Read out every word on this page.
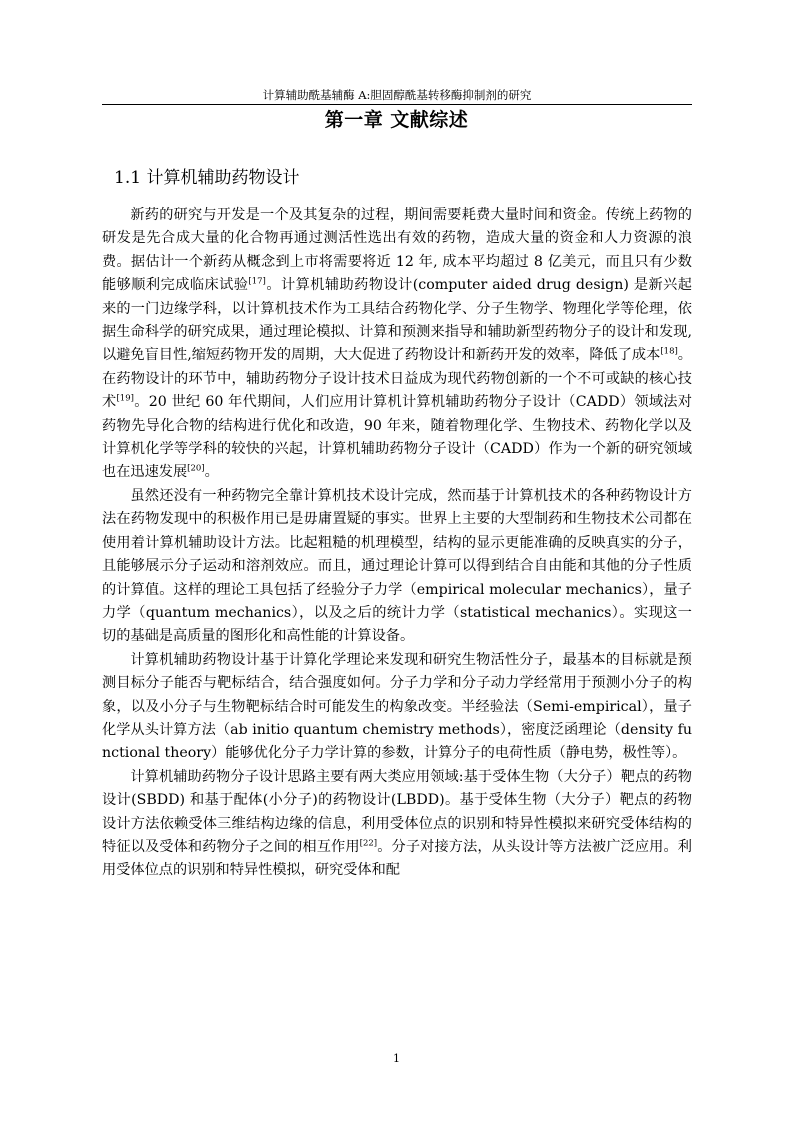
计算辅助酰基辅酶 A:胆固醇酰基转移酶抑制剂的研究
第一章 文献综述
1.1 计算机辅助药物设计

新药的研究与开发是一个及其复杂的过程，期间需要耗费大量时间和资金。传统上药物的研发是先合成大量的化合物再通过测活性选出有效的药物，造成大量的资金和人力资源的浪费。据估计一个新药从概念到上市将需要将近 12 年, 成本平均超过 8 亿美元，而且只有少数能够顺利完成临床试验[17]。计算机辅助药物设计(computer aided drug design) 是新兴起来的一门边缘学科，以计算机技术作为工具结合药物化学、分子生物学、物理化学等伦理，依据生命科学的研究成果，通过理论模拟、计算和预测来指导和辅助新型药物分子的设计和发现,以避免盲目性,缩短药物开发的周期，大大促进了药物设计和新药开发的效率，降低了成本[18]。在药物设计的环节中，辅助药物分子设计技术日益成为现代药物创新的一个不可或缺的核心技术[19]。20 世纪 60 年代期间，人们应用计算机计算机辅助药物分子设计（CADD）领域法对药物先导化合物的结构进行优化和改造，90 年来，随着物理化学、生物技术、药物化学以及计算机化学等学科的较快的兴起，计算机辅助药物分子设计（CADD）作为一个新的研究领域也在迅速发展[20]。

虽然还没有一种药物完全靠计算机技术设计完成，然而基于计算机技术的各种药物设计方法在药物发现中的积极作用已是毋庸置疑的事实。世界上主要的大型制药和生物技术公司都在使用着计算机辅助设计方法。比起粗糙的机理模型，结构的显示更能准确的反映真实的分子，且能够展示分子运动和溶剂效应。而且，通过理论计算可以得到结合自由能和其他的分子性质的计算值。这样的理论工具包括了经验分子力学（empirical molecular mechanics），量子力学（quantum mechanics），以及之后的统计力学（statistical mechanics）。实现这一切的基础是高质量的图形化和高性能的计算设备。

计算机辅助药物设计基于计算化学理论来发现和研究生物活性分子，最基本的目标就是预测目标分子能否与靶标结合，结合强度如何。分子力学和分子动力学经常用于预测小分子的构象，以及小分子与生物靶标结合时可能发生的构象改变。半经验法（Semi-empirical），量子化学从头计算方法（ab initio quantum chemistry methods），密度泛函理论（density functional theory）能够优化分子力学计算的参数，计算分子的电荷性质（静电势，极性等）。

计算机辅助药物分子设计思路主要有两大类应用领域:基于受体生物（大分子）靶点的药物设计(SBDD) 和基于配体(小分子)的药物设计(LBDD)。基于受体生物（大分子）靶点的药物设计方法依赖受体三维结构边缘的信息，利用受体位点的识别和特异性模拟来研究受体结构的特征以及受体和药物分子之间的相互作用[22]。分子对接方法，从头设计等方法被广泛应用。利用受体位点的识别和特异性模拟，研究受体和配

1
